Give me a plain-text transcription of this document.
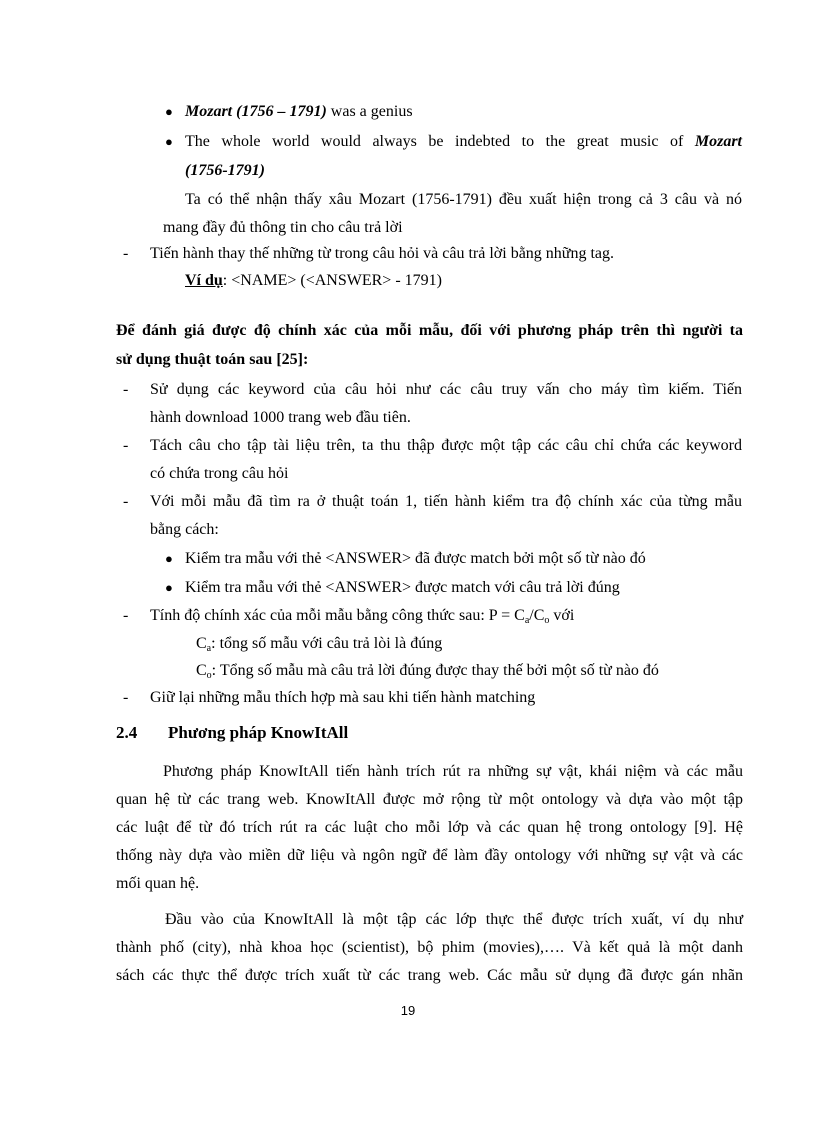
● Mozart (1756 – 1791) was a genius
● The whole world would always be indebted to the great music of Mozart
(1756-1791)
Ta có thể nhận thấy xâu Mozart (1756-1791) đều xuất hiện trong cả 3 câu và nó
mang đầy đủ thông tin cho câu trả lời
- Tiến hành thay thế những từ trong câu hỏi và câu trả lời bằng những tag.
Ví dụ: <NAME> (<ANSWER> - 1791)
Để đánh giá được độ chính xác của mỗi mẫu, đối với phương pháp trên thì người ta
sử dụng thuật toán sau [25]:
- Sử dụng các keyword của câu hỏi như các câu truy vấn cho máy tìm kiếm. Tiến
hành download 1000 trang web đầu tiên.
- Tách câu cho tập tài liệu trên, ta thu thập được một tập các câu chỉ chứa các keyword
có chứa trong câu hỏi
- Với mỗi mẫu đã tìm ra ở thuật toán 1, tiến hành kiểm tra độ chính xác của từng mẫu
bằng cách:
● Kiểm tra mẫu với thẻ <ANSWER> đã được match bởi một số từ nào đó
● Kiểm tra mẫu với thẻ <ANSWER> được match với câu trả lời đúng
- Tính độ chính xác của mỗi mẫu bằng công thức sau: $P = C_a/C_o$ với
$C_a$: tổng số mẫu với câu trả lòi là đúng
$C_o$: Tổng số mẫu mà câu trả lời đúng được thay thế bởi một số từ nào đó
- Giữ lại những mẫu thích hợp mà sau khi tiến hành matching
2.4 Phương pháp KnowItAll
Phương pháp KnowItAll tiến hành trích rút ra những sự vật, khái niệm và các mẫu
quan hệ từ các trang web. KnowItAll được mở rộng từ một ontology và dựa vào một tập
các luật để từ đó trích rút ra các luật cho mỗi lớp và các quan hệ trong ontology [9]. Hệ
thống này dựa vào miền dữ liệu và ngôn ngữ để làm đầy ontology với những sự vật và các
mối quan hệ.
Đầu vào của KnowItAll là một tập các lớp thực thể được trích xuất, ví dụ như
thành phố (city), nhà khoa học (scientist), bộ phim (movies),…. Và kết quả là một danh
sách các thực thể được trích xuất từ các trang web. Các mẫu sử dụng đã được gán nhãn
19
